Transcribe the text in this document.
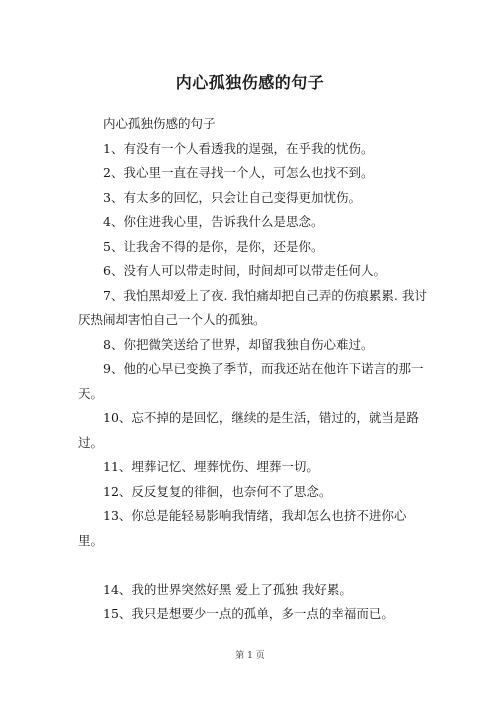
内心孤独伤感的句子

内心孤独伤感的句子

1、有没有一个人看透我的逞强，在乎我的忧伤。

2、我心里一直在寻找一个人，可怎么也找不到。

3、有太多的回忆，只会让自己变得更加忧伤。

4、你住进我心里，告诉我什么是思念。

5、让我舍不得的是你，是你，还是你。

6、没有人可以带走时间，时间却可以带走任何人。

7、我怕黑却爱上了夜. 我怕痛却把自己弄的伤痕累累. 我讨厌热闹却害怕自己一个人的孤独。

8、你把微笑送给了世界，却留我独自伤心难过。

9、他的心早已变换了季节，而我还站在他许下诺言的那一天。

10、忘不掉的是回忆，继续的是生活，错过的，就当是路过。

11、埋葬记忆、埋葬忧伤、埋葬一切。

12、反反复复的徘徊，也奈何不了思念。

13、你总是能轻易影响我情绪，我却怎么也挤不进你心里。

14、我的世界突然好黑 爱上了孤独 我好累。

15、我只是想要少一点的孤单，多一点的幸福而已。

第 1 页
